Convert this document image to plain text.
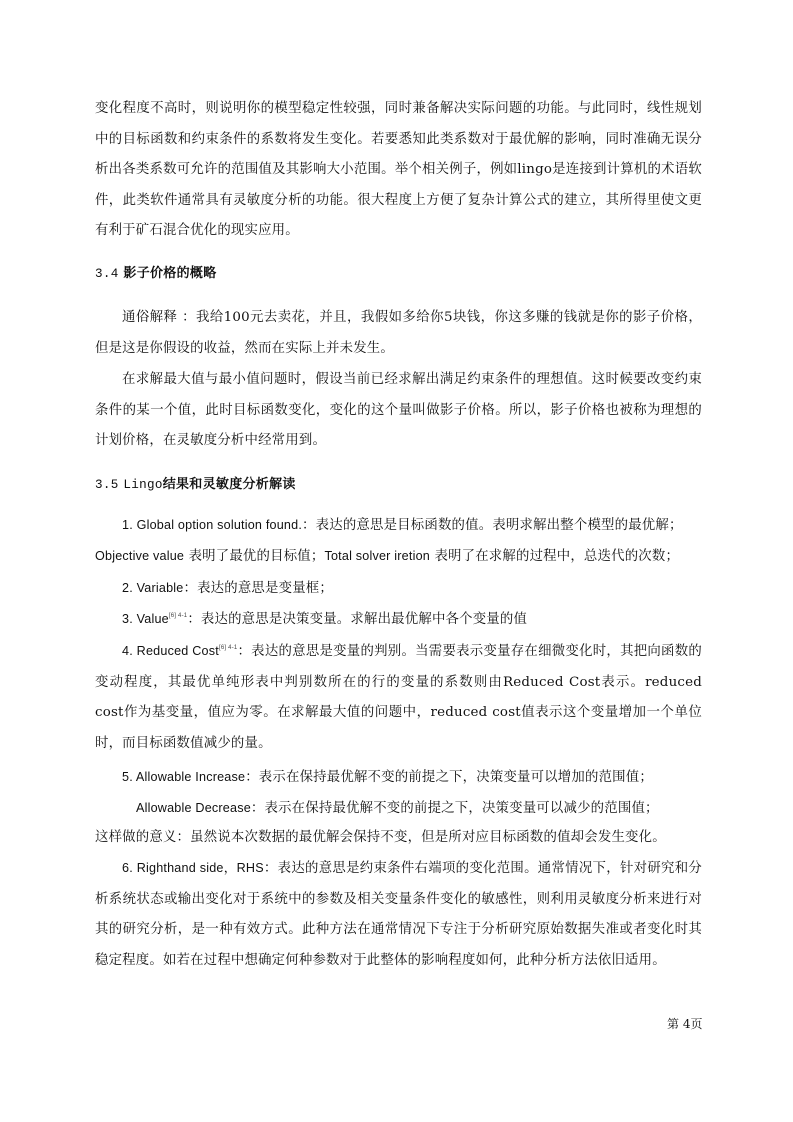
变化程度不高时，则说明你的模型稳定性较强，同时兼备解决实际问题的功能。与此同时，线性规划中的目标函数和约束条件的系数将发生变化。若要悉知此类系数对于最优解的影响，同时准确无误分析出各类系数可允许的范围值及其影响大小范围。举个相关例子，例如lingo是连接到计算机的术语软件，此类软件通常具有灵敏度分析的功能。很大程度上方便了复杂计算公式的建立，其所得里使文更有利于矿石混合优化的现实应用。
3.4 影子价格的概略
通俗解释 ：我给100元去卖花，并且，我假如多给你5块钱，你这多赚的钱就是你的影子价格，但是这是你假设的收益，然而在实际上并未发生。
在求解最大值与最小值问题时，假设当前已经求解出满足约束条件的理想值。这时候要改变约束条件的某一个值，此时目标函数变化，变化的这个量叫做影子价格。所以，影子价格也被称为理想的计划价格，在灵敏度分析中经常用到。
3.5 Lingo结果和灵敏度分析解读
1. Global option solution found.：表达的意思是目标函数的值。表明求解出整个模型的最优解；
Objective value 表明了最优的目标值；Total solver iretion 表明了在求解的过程中，总迭代的次数；
2. Variable：表达的意思是变量框；
3. Value$^{[6] 4-1}$：表达的意思是决策变量。求解出最优解中各个变量的值
4. Reduced Cost$^{[6] 4-1}$：表达的意思是变量的判别。当需要表示变量存在细微变化时，其把向函数的变动程度，其最优单纯形表中判别数所在的行的变量的系数则由Reduced Cost表示。reduced cost作为基变量，值应为零。在求解最大值的问题中，reduced cost值表示这个变量增加一个单位时，而目标函数值减少的量。
5. Allowable Increase：表示在保持最优解不变的前提之下，决策变量可以增加的范围值；
Allowable Decrease：表示在保持最优解不变的前提之下，决策变量可以减少的范围值；
这样做的意义：虽然说本次数据的最优解会保持不变，但是所对应目标函数的值却会发生变化。
6. Righthand side，RHS：表达的意思是约束条件右端项的变化范围。通常情况下，针对研究和分析系统状态或输出变化对于系统中的参数及相关变量条件变化的敏感性，则利用灵敏度分析来进行对其的研究分析，是一种有效方式。此种方法在通常情况下专注于分析研究原始数据失准或者变化时其稳定程度。如若在过程中想确定何种参数对于此整体的影响程度如何，此种分析方法依旧适用。
第 4页
